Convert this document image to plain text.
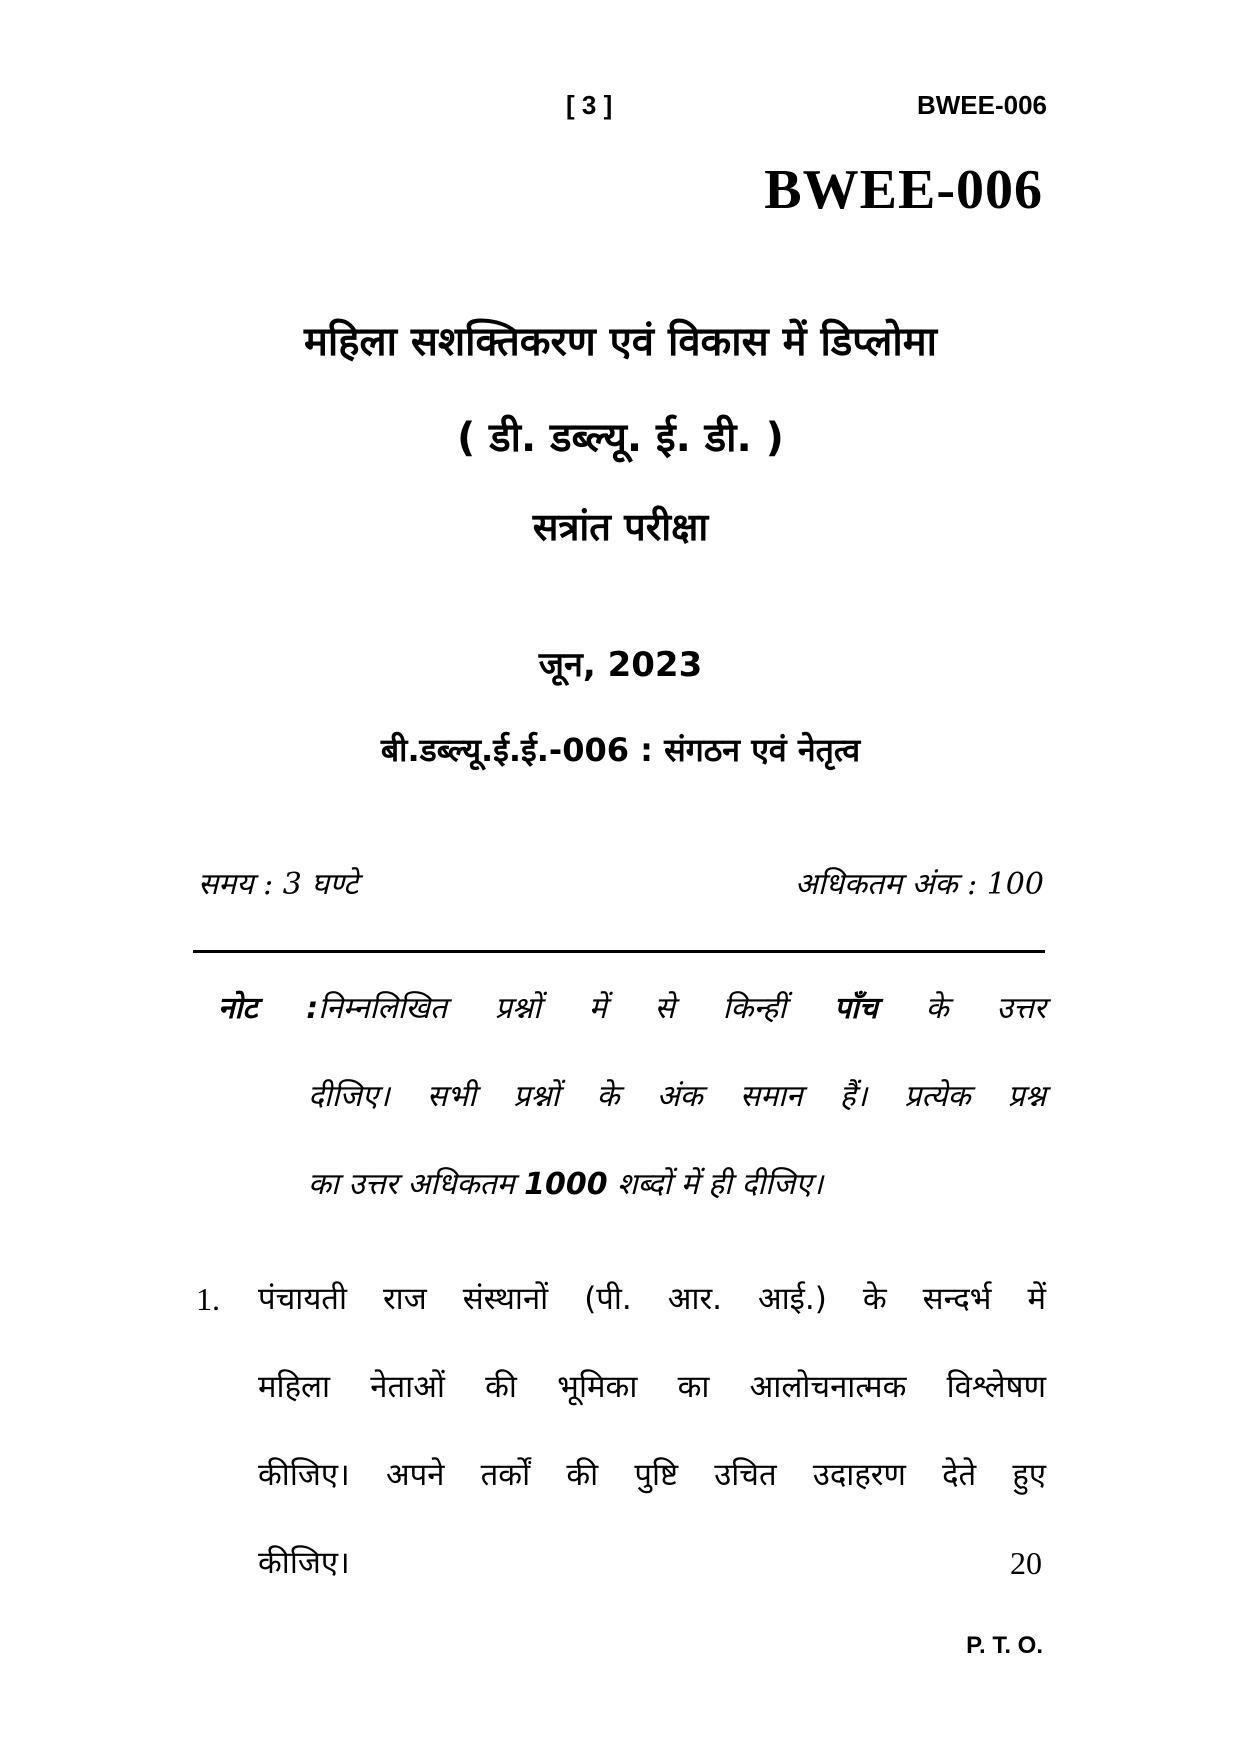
[ 3 ]	BWEE-006
BWEE-006
महिला सशक्तिकरण एवं विकास में डिप्लोमा
( डी. डब्ल्यू. ई. डी. )
सत्रांत परीक्षा
जून, 2023
बी.डब्ल्यू.ई.ई.-006 : संगठन एवं नेतृत्व
समय : 3 घण्टे	अधिकतम अंक : 100
नोट :निम्नलिखित प्रश्नों में से किन्हीं पाँच के उत्तर
दीजिए। सभी प्रश्नों के अंक समान हैं। प्रत्येक प्रश्न
का उत्तर अधिकतम 1000 शब्दों में ही दीजिए।
1. पंचायती राज संस्थानों (पी. आर. आई.) के सन्दर्भ में
महिला नेताओं की भूमिका का आलोचनात्मक विश्लेषण
कीजिए। अपने तर्कों की पुष्टि उचित उदाहरण देते हुए
कीजिए।	20
P. T. O.
